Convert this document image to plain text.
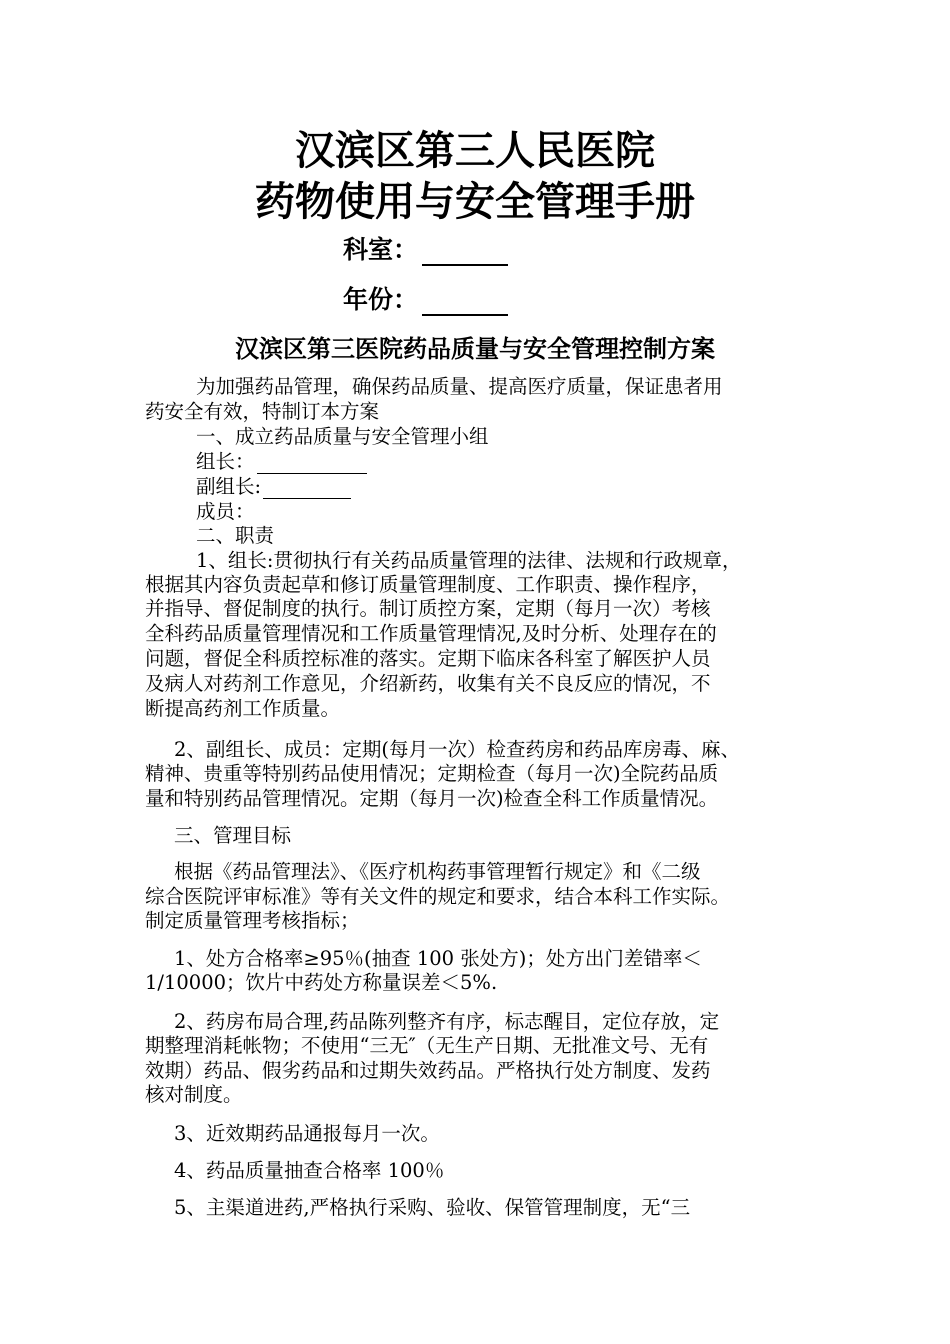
汉滨区第三人民医院
药物使用与安全管理手册
科室：
年份：
汉滨区第三医院药品质量与安全管理控制方案
为加强药品管理，确保药品质量、提高医疗质量，保证患者用
药安全有效，特制订本方案
一、成立药品质量与安全管理小组
组长：
副组长:
成员：
二、职责
1、组长:贯彻执行有关药品质量管理的法律、法规和行政规章，
根据其内容负责起草和修订质量管理制度、工作职责、操作程序，
并指导、督促制度的执行。制订质控方案，定期（每月一次）考核
全科药品质量管理情况和工作质量管理情况,及时分析、处理存在的
问题，督促全科质控标准的落实。定期下临床各科室了解医护人员
及病人对药剂工作意见，介绍新药，收集有关不良反应的情况，不
断提高药剂工作质量。
2、副组长、成员：定期(每月一次）检查药房和药品库房毒、麻、
精神、贵重等特别药品使用情况；定期检查（每月一次)全院药品质
量和特别药品管理情况。定期（每月一次)检查全科工作质量情况。
三、管理目标
根据《药品管理法》、《医疗机构药事管理暂行规定》和《二级
综合医院评审标准》等有关文件的规定和要求，结合本科工作实际。
制定质量管理考核指标；
1、处方合格率≥95％(抽查 100 张处方)；处方出门差错率＜
1/10000；饮片中药处方称量误差＜5%.
2、药房布局合理,药品陈列整齐有序，标志醒目，定位存放，定
期整理消耗帐物；不使用“三无″（无生产日期、无批准文号、无有
效期）药品、假劣药品和过期失效药品。严格执行处方制度、发药
核对制度。
3、近效期药品通报每月一次。
4、药品质量抽查合格率 100％
5、主渠道进药,严格执行采购、验收、保管管理制度，无“三
